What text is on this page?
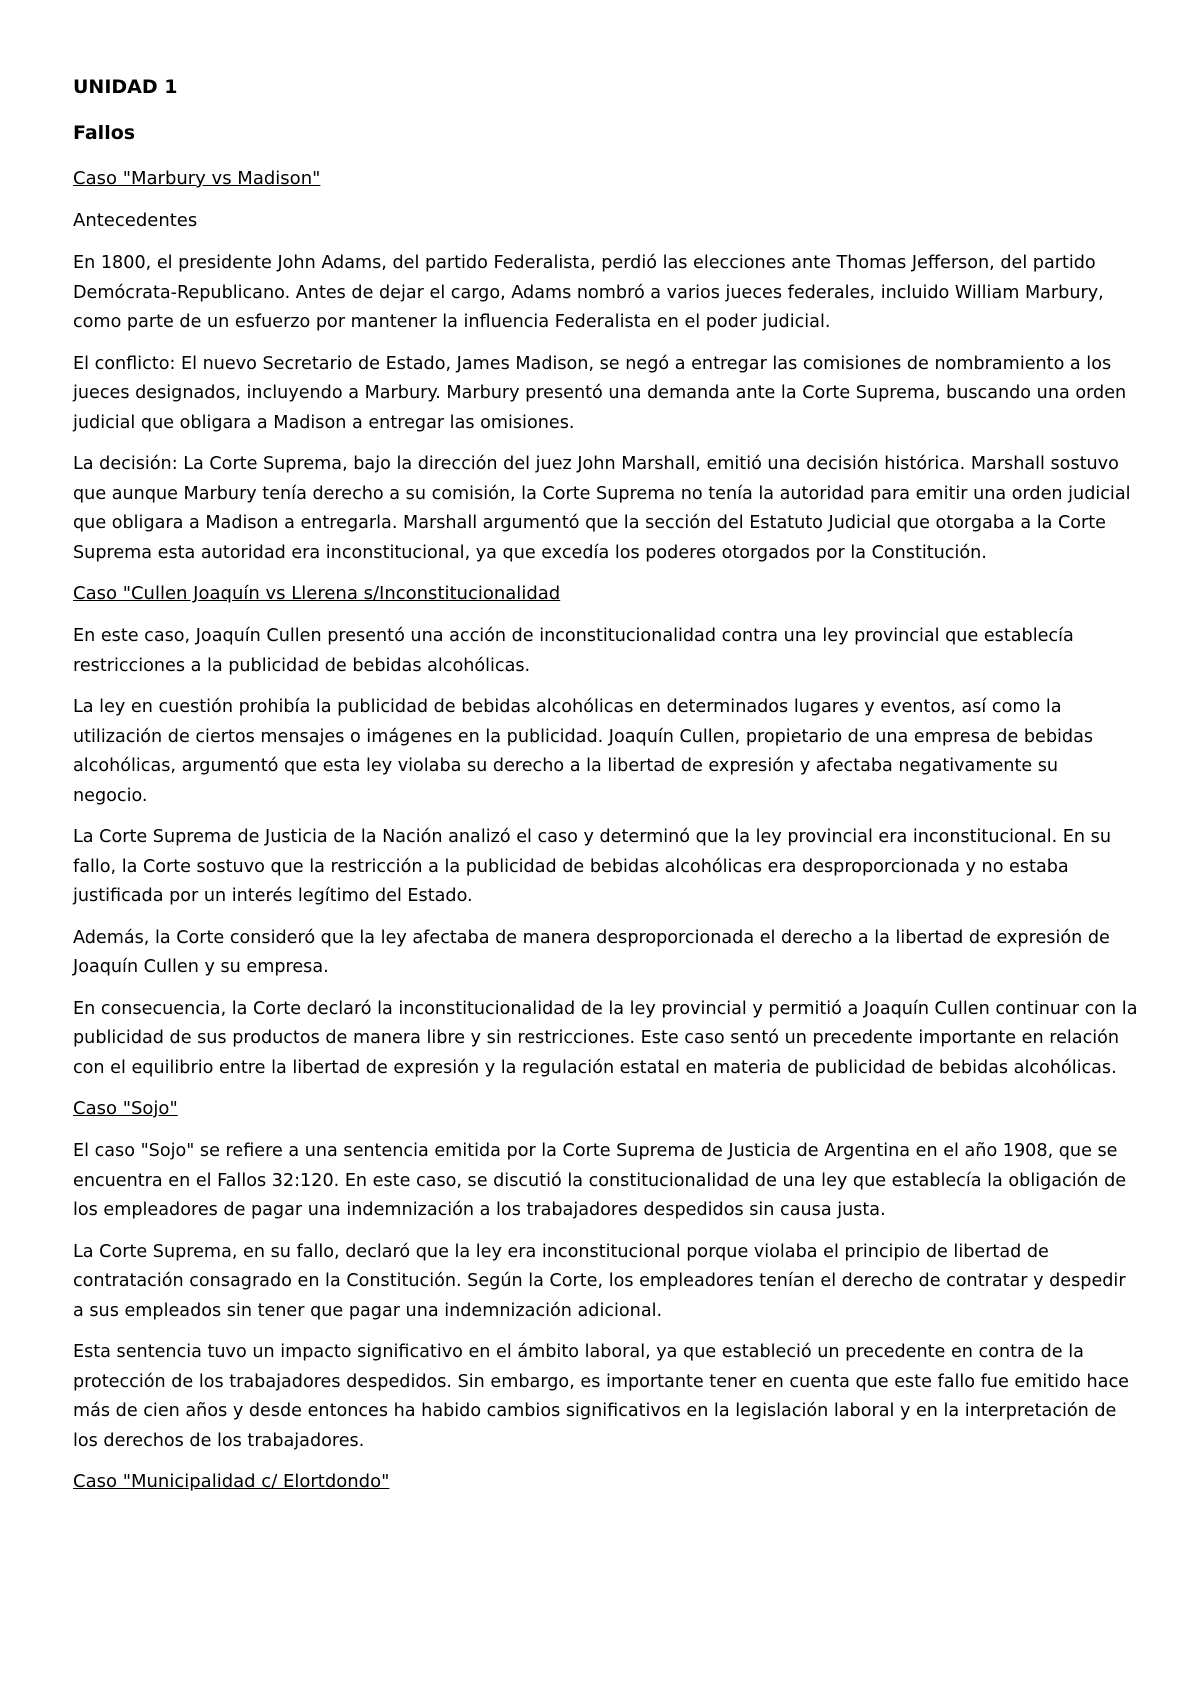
UNIDAD 1

Fallos

Caso "Marbury vs Madison"

Antecedentes

En 1800, el presidente John Adams, del partido Federalista, perdió las elecciones ante Thomas Jefferson, del partido Demócrata-Republicano. Antes de dejar el cargo, Adams nombró a varios jueces federales, incluido William Marbury, como parte de un esfuerzo por mantener la influencia Federalista en el poder judicial.

El conflicto: El nuevo Secretario de Estado, James Madison, se negó a entregar las comisiones de nombramiento a los jueces designados, incluyendo a Marbury. Marbury presentó una demanda ante la Corte Suprema, buscando una orden judicial que obligara a Madison a entregar las omisiones.

La decisión: La Corte Suprema, bajo la dirección del juez John Marshall, emitió una decisión histórica. Marshall sostuvo que aunque Marbury tenía derecho a su comisión, la Corte Suprema no tenía la autoridad para emitir una orden judicial que obligara a Madison a entregarla. Marshall argumentó que la sección del Estatuto Judicial que otorgaba a la Corte Suprema esta autoridad era inconstitucional, ya que excedía los poderes otorgados por la Constitución.

Caso "Cullen Joaquín vs Llerena s/Inconstitucionalidad

En este caso, Joaquín Cullen presentó una acción de inconstitucionalidad contra una ley provincial que establecía restricciones a la publicidad de bebidas alcohólicas.

La ley en cuestión prohibía la publicidad de bebidas alcohólicas en determinados lugares y eventos, así como la utilización de ciertos mensajes o imágenes en la publicidad. Joaquín Cullen, propietario de una empresa de bebidas alcohólicas, argumentó que esta ley violaba su derecho a la libertad de expresión y afectaba negativamente su negocio.

La Corte Suprema de Justicia de la Nación analizó el caso y determinó que la ley provincial era inconstitucional. En su fallo, la Corte sostuvo que la restricción a la publicidad de bebidas alcohólicas era desproporcionada y no estaba justificada por un interés legítimo del Estado.

Además, la Corte consideró que la ley afectaba de manera desproporcionada el derecho a la libertad de expresión de Joaquín Cullen y su empresa.

En consecuencia, la Corte declaró la inconstitucionalidad de la ley provincial y permitió a Joaquín Cullen continuar con la publicidad de sus productos de manera libre y sin restricciones. Este caso sentó un precedente importante en relación con el equilibrio entre la libertad de expresión y la regulación estatal en materia de publicidad de bebidas alcohólicas.

Caso "Sojo"

El caso "Sojo" se refiere a una sentencia emitida por la Corte Suprema de Justicia de Argentina en el año 1908, que se encuentra en el Fallos 32:120. En este caso, se discutió la constitucionalidad de una ley que establecía la obligación de los empleadores de pagar una indemnización a los trabajadores despedidos sin causa justa.

La Corte Suprema, en su fallo, declaró que la ley era inconstitucional porque violaba el principio de libertad de contratación consagrado en la Constitución. Según la Corte, los empleadores tenían el derecho de contratar y despedir a sus empleados sin tener que pagar una indemnización adicional.

Esta sentencia tuvo un impacto significativo en el ámbito laboral, ya que estableció un precedente en contra de la protección de los trabajadores despedidos. Sin embargo, es importante tener en cuenta que este fallo fue emitido hace más de cien años y desde entonces ha habido cambios significativos en la legislación laboral y en la interpretación de los derechos de los trabajadores.

Caso "Municipalidad c/ Elortdondo"
